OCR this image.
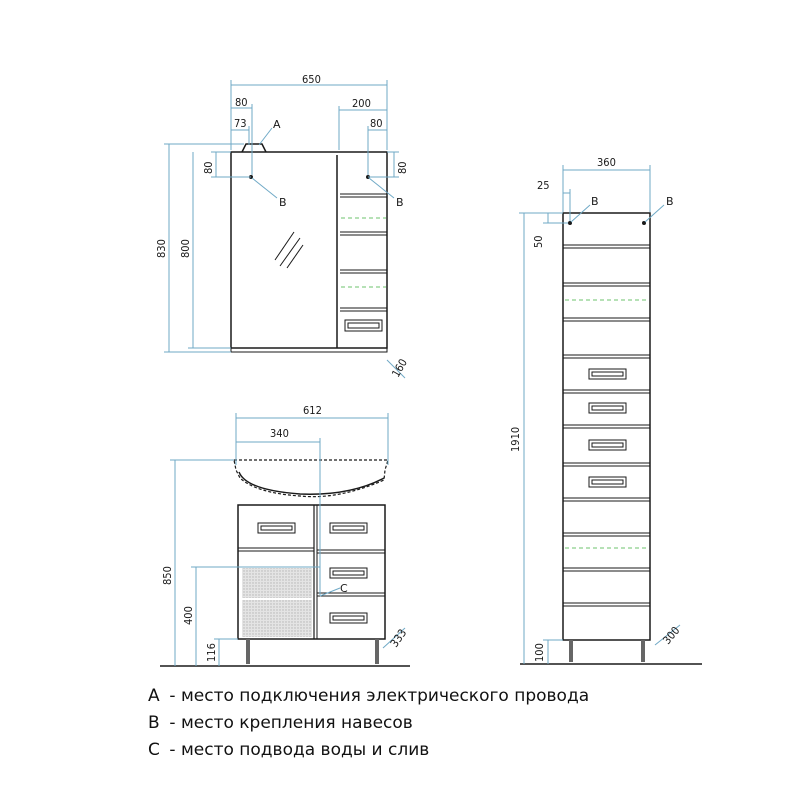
650
80
73
200
80
830 800
80	80
160
A
B	B
612
340
850
400
116
333
C
360
25
50
1910
100
300
B	B
A - место подключения электрического провода
B - место крепления навесов
C - место подвода воды и слив
